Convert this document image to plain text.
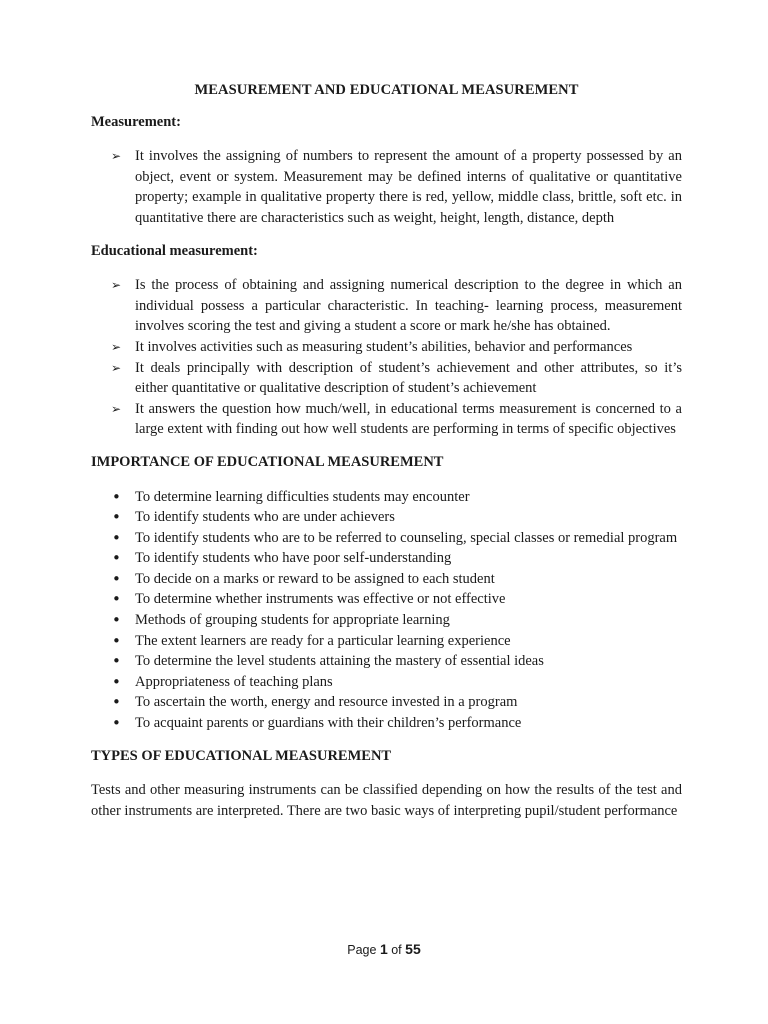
MEASUREMENT AND EDUCATIONAL MEASUREMENT

Measurement:

➢ It involves the assigning of numbers to represent the amount of a property possessed by an object, event or system. Measurement may be defined interns of qualitative or quantitative property; example in qualitative property there is red, yellow, middle class, brittle, soft etc. in quantitative there are characteristics such as weight, height, length, distance, depth

Educational measurement:

➢ Is the process of obtaining and assigning numerical description to the degree in which an individual possess a particular characteristic. In teaching- learning process, measurement involves scoring the test and giving a student a score or mark he/she has obtained.
➢ It involves activities such as measuring student’s abilities, behavior and performances
➢ It deals principally with description of student’s achievement and other attributes, so it’s either quantitative or qualitative description of student’s achievement
➢ It answers the question how much/well, in educational terms measurement is concerned to a large extent with finding out how well students are performing in terms of specific objectives

IMPORTANCE OF EDUCATIONAL MEASUREMENT

• To determine learning difficulties students may encounter
• To identify students who are under achievers
• To identify students who are to be referred to counseling, special classes or remedial program
• To identify students who have poor self-understanding
• To decide on a marks or reward to be assigned to each student
• To determine whether instruments was effective or not effective
• Methods of grouping students for appropriate learning
• The extent learners are ready for a particular learning experience
• To determine the level students attaining the mastery of essential ideas
• Appropriateness of teaching plans
• To ascertain the worth, energy and resource invested in a program
• To acquaint parents or guardians with their children’s performance

TYPES OF EDUCATIONAL MEASUREMENT

Tests and other measuring instruments can be classified depending on how the results of the test and other instruments are interpreted. There are two basic ways of interpreting pupil/student performance

Page 1 of 55
